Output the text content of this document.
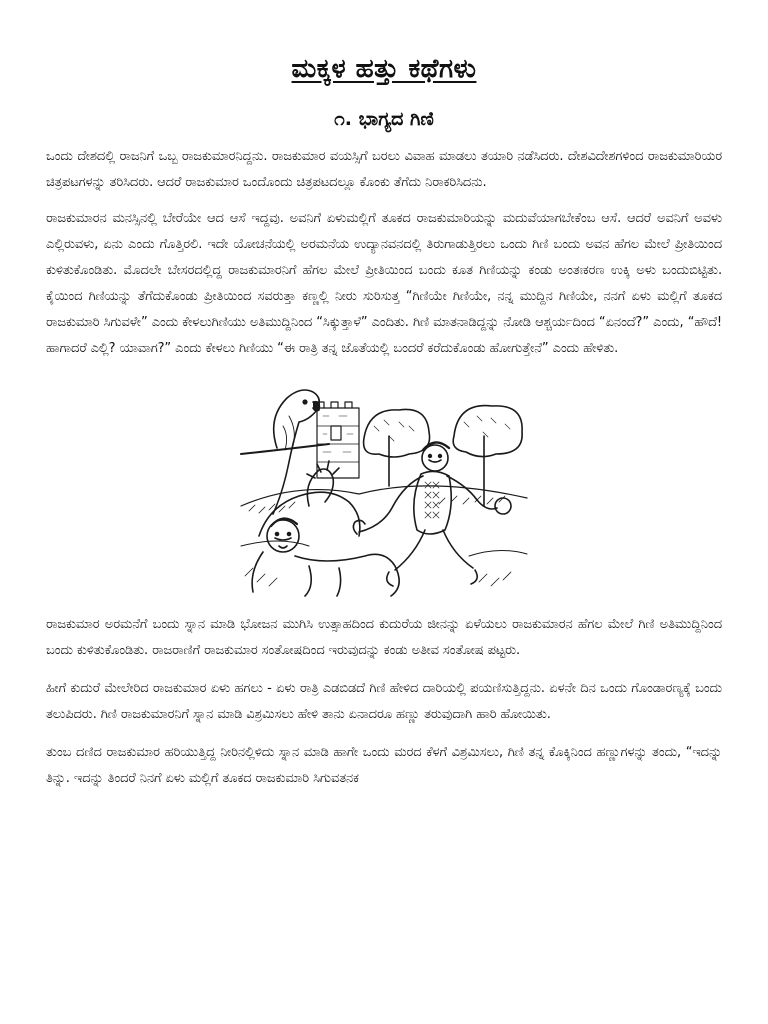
ಮಕ್ಕಳ ಹತ್ತು ಕಥೆಗಳು
೧. ಭಾಗ್ಯದ ಗಿಣಿ

ಒಂದು ದೇಶದಲ್ಲಿ ರಾಜನಿಗೆ ಒಬ್ಬ ರಾಜಕುಮಾರನಿದ್ದನು. ರಾಜಕುಮಾರ ವಯಸ್ಸಿಗೆ ಬರಲು ವಿವಾಹ ಮಾಡಲು ತಯಾರಿ ನಡೆಸಿದರು. ದೇಶವಿದೇಶಗಳಿಂದ ರಾಜಕುಮಾರಿಯರ ಚಿತ್ರಪಟಗಳನ್ನು ತರಿಸಿದರು. ಆದರೆ ರಾಜಕುಮಾರ ಒಂದೊಂದು ಚಿತ್ರಪಟದಲ್ಲೂ ಕೊಂಕು ತೆಗೆದು ನಿರಾಕರಿಸಿದನು.

ರಾಜಕುಮಾರನ ಮನಸ್ಸಿನಲ್ಲಿ ಬೇರೆಯೇ ಆದ ಆಸೆ ಇದ್ದವು. ಅವನಿಗೆ ಏಳುಮಲ್ಲಿಗೆ ತೂಕದ ರಾಜಕುಮಾರಿಯನ್ನು ಮದುವೆಯಾಗಬೇಕೆಂಬ ಆಸೆ. ಆದರೆ ಅವನಿಗೆ ಅವಳು ಎಲ್ಲಿರುವಳು, ಏನು ಎಂದು ಗೊತ್ತಿರಲಿ. ಇದೇ ಯೋಚನೆಯಲ್ಲಿ ಅರಮನೆಯ ಉದ್ಯಾನವನದಲ್ಲಿ ತಿರುಗಾಡುತ್ತಿರಲು ಒಂದು ಗಿಣಿ ಬಂದು ಅವನ ಹೆಗಲ ಮೇಲೆ ಪ್ರೀತಿಯಿಂದ ಕುಳಿತುಕೊಂಡಿತು. ಮೊದಲೇ ಬೇಸರದಲ್ಲಿದ್ದ ರಾಜಕುಮಾರನಿಗೆ ಹೆಗಲ ಮೇಲೆ ಪ್ರೀತಿಯಿಂದ ಬಂದು ಕೂತ ಗಿಣಿಯನ್ನು ಕಂಡು ಅಂತಃಕರಣ ಉಕ್ಕಿ ಅಳು ಬಂದುಬಿಟ್ಟಿತು. ಕೈಯಿಂದ ಗಿಣಿಯನ್ನು ತೆಗೆದುಕೊಂಡು ಪ್ರೀತಿಯಿಂದ ಸವರುತ್ತಾ ಕಣ್ಣಲ್ಲಿ ನೀರು ಸುರಿಸುತ್ತ “ಗಿಣಿಯೇ ಗಿಣಿಯೇ, ನನ್ನ ಮುದ್ದಿನ ಗಿಣಿಯೇ, ನನಗೆ ಏಳು ಮಲ್ಲಿಗೆ ತೂಕದ ರಾಜಕುಮಾರಿ ಸಿಗುವಳೇ” ಎಂದು ಕೇಳಲುಗಿಣಿಯು ಅತಿಮುದ್ದಿನಿಂದ “ಸಿಕ್ಕುತ್ತಾಳೆ” ಎಂದಿತು. ಗಿಣಿ ಮಾತನಾಡಿದ್ದನ್ನು ನೋಡಿ ಆಶ್ಚರ್ಯದಿಂದ “ಏನಂದೆ?” ಎಂದು, “ಹೌದೆ! ಹಾಗಾದರೆ ಎಲ್ಲಿ? ಯಾವಾಗ?” ಎಂದು ಕೇಳಲು ಗಿಣಿಯು “ಈ ರಾತ್ರಿ ತನ್ನ ಜೊತೆಯಲ್ಲಿ ಬಂದರೆ ಕರೆದುಕೊಂಡು ಹೋಗುತ್ತೇನೆ” ಎಂದು ಹೇಳಿತು.

ರಾಜಕುಮಾರ ಅರಮನೆಗೆ ಬಂದು ಸ್ನಾನ ಮಾಡಿ ಭೋಜನ ಮುಗಿಸಿ ಉತ್ಸಾಹದಿಂದ ಕುದುರೆಯ ಜೀನನ್ನು ಏಳೆಯಲು ರಾಜಕುಮಾರನ ಹೆಗಲ ಮೇಲೆ ಗಿಣಿ ಅತಿಮುದ್ದಿನಿಂದ ಬಂದು ಕುಳಿತುಕೊಂಡಿತು. ರಾಜರಾಣಿಗೆ ರಾಜಕುಮಾರ ಸಂತೋಷದಿಂದ ಇರುವುದನ್ನು ಕಂಡು ಅತೀವ ಸಂತೋಷ ಪಟ್ಟರು.

ಹೀಗೆ ಕುದುರೆ ಮೇಲೇರಿದ ರಾಜಕುಮಾರ ಏಳು ಹಗಲು - ಏಳು ರಾತ್ರಿ ಎಡಬಿಡದೆ ಗಿಣಿ ಹೇಳಿದ ದಾರಿಯಲ್ಲಿ ಪಯಣಿಸುತ್ತಿದ್ದನು. ಏಳನೇ ದಿನ ಒಂದು ಗೊಂಡಾರಣ್ಯಕ್ಕೆ ಬಂದು ತಲುಪಿದರು. ಗಿಣಿ ರಾಜಕುಮಾರನಿಗೆ ಸ್ನಾನ ಮಾಡಿ ವಿಶ್ರಮಿಸಲು ಹೇಳಿ ತಾನು ಏನಾದರೂ ಹಣ್ಣು ತರುವುದಾಗಿ ಹಾರಿ ಹೋಯಿತು.

ತುಂಬ ದಣಿದ ರಾಜಕುಮಾರ ಹರಿಯುತ್ತಿದ್ದ ನೀರಿನಲ್ಲಿಳಿದು ಸ್ನಾನ ಮಾಡಿ ಹಾಗೇ ಒಂದು ಮರದ ಕೆಳಗೆ ವಿಶ್ರಮಿಸಲು, ಗಿಣಿ ತನ್ನ ಕೊಕ್ಕಿನಿಂದ ಹಣ್ಣುಗಳನ್ನು ತಂದು, “ಇದನ್ನು ತಿನ್ನು. ಇದನ್ನು ತಿಂದರೆ ನಿನಗೆ ಏಳು ಮಲ್ಲಿಗೆ ತೂಕದ ರಾಜಕುಮಾರಿ ಸಿಗುವತನಕ
